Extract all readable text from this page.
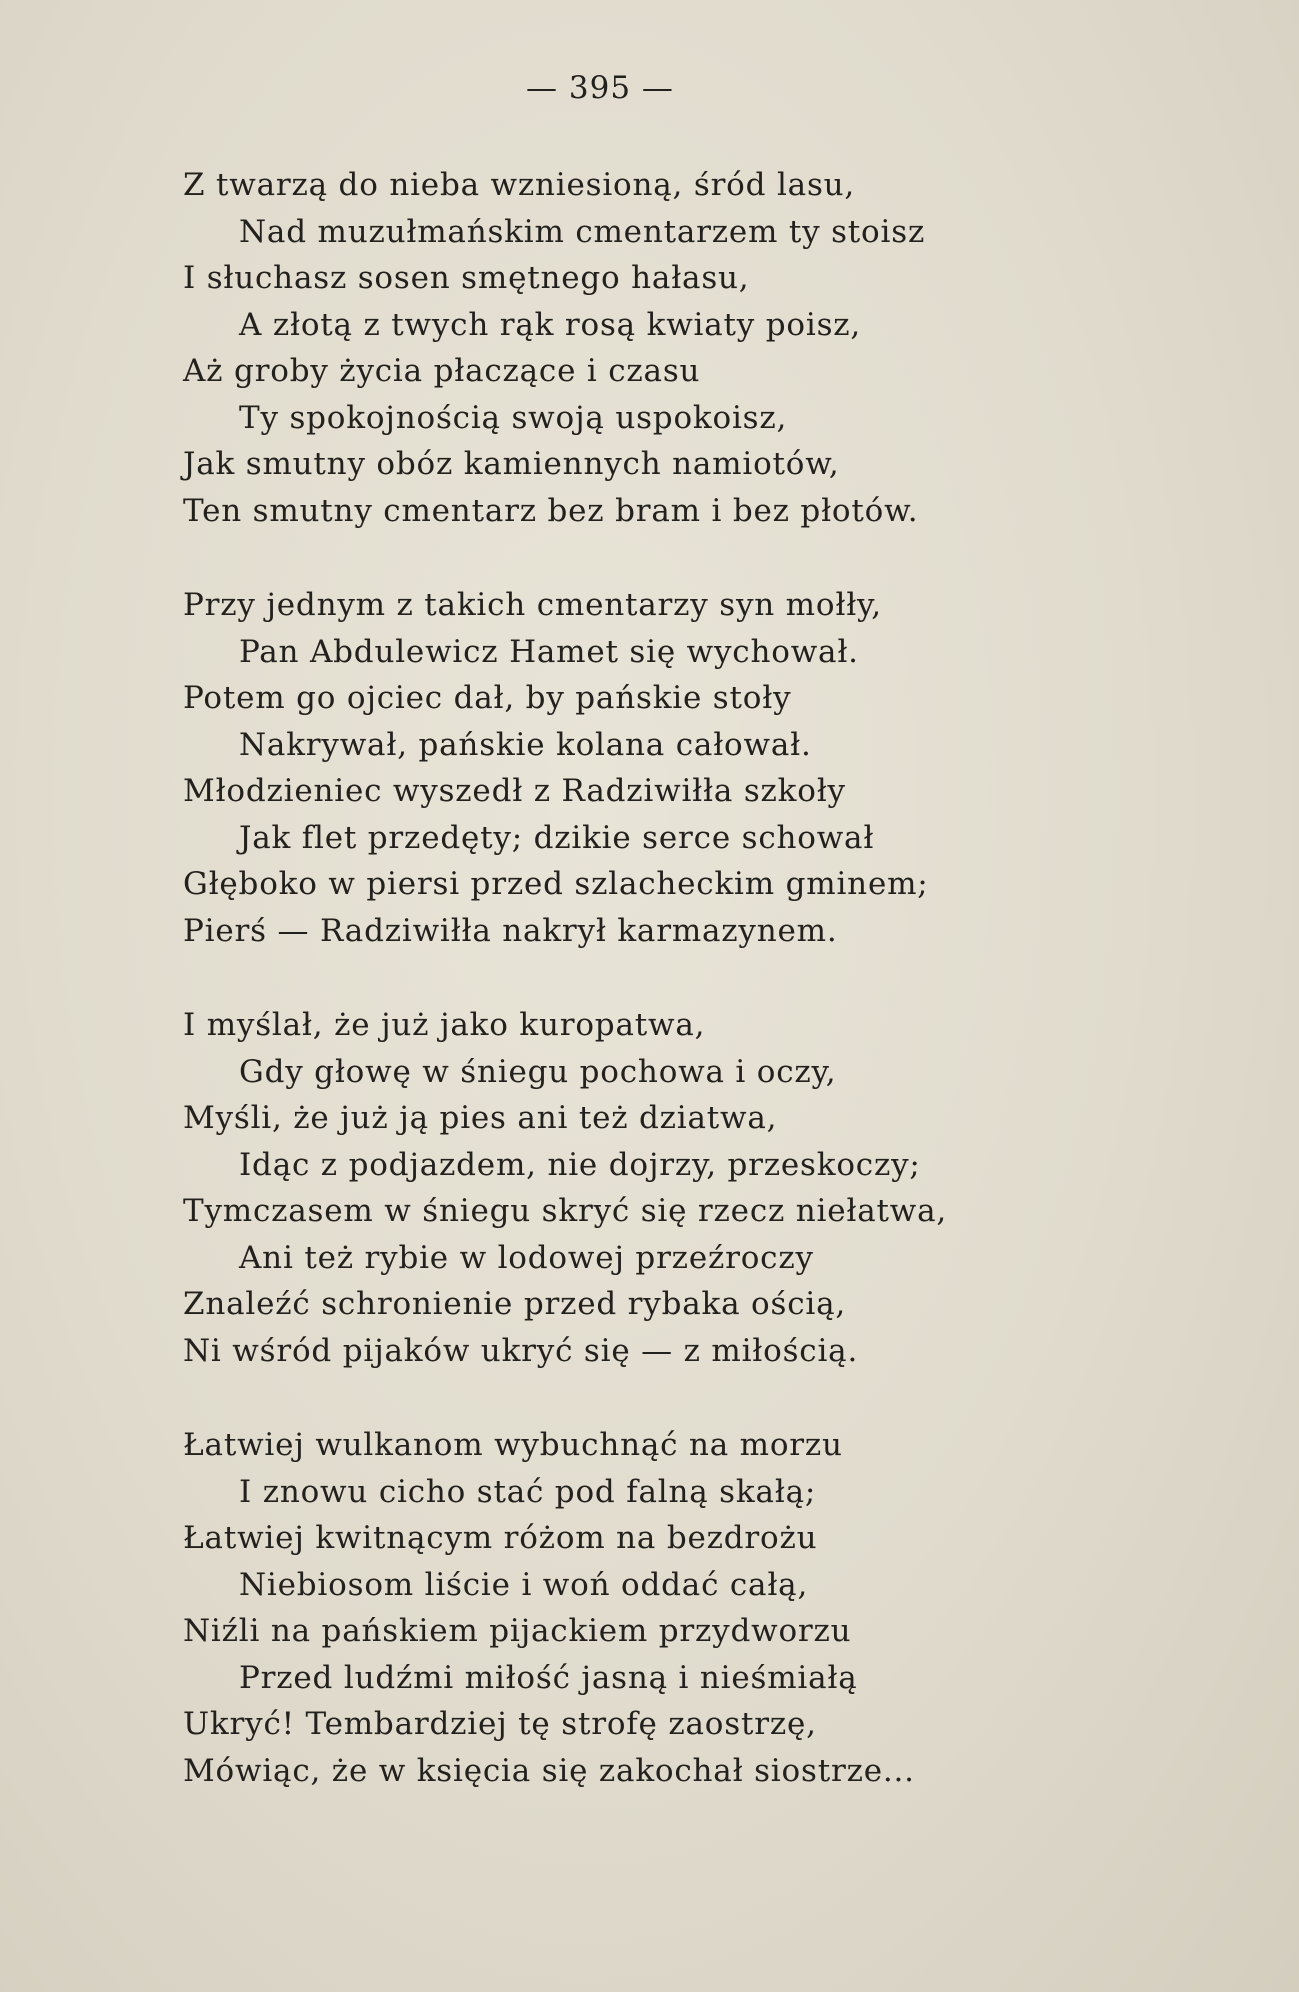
— 395 —
Z twarzą do nieba wzniesioną, śród lasu,
Nad muzułmańskim cmentarzem ty stoisz
I słuchasz sosen smętnego hałasu,
A złotą z twych rąk rosą kwiaty poisz,
Aż groby życia płaczące i czasu
Ty spokojnością swoją uspokoisz,
Jak smutny obóz kamiennych namiotów,
Ten smutny cmentarz bez bram i bez płotów.
Przy jednym z takich cmentarzy syn mołły,
Pan Abdulewicz Hamet się wychował.
Potem go ojciec dał, by pańskie stoły
Nakrywał, pańskie kolana całował.
Młodzieniec wyszedł z Radziwiłła szkoły
Jak flet przedęty; dzikie serce schował
Głęboko w piersi przed szlacheckim gminem;
Pierś — Radziwiłła nakrył karmazynem.
I myślał, że już jako kuropatwa,
Gdy głowę w śniegu pochowa i oczy,
Myśli, że już ją pies ani też dziatwa,
Idąc z podjazdem, nie dojrzy, przeskoczy;
Tymczasem w śniegu skryć się rzecz niełatwa,
Ani też rybie w lodowej przeźroczy
Znaleźć schronienie przed rybaka ością,
Ni wśród pijaków ukryć się — z miłością.
Łatwiej wulkanom wybuchnąć na morzu
I znowu cicho stać pod falną skałą;
Łatwiej kwitnącym różom na bezdrożu
Niebiosom liście i woń oddać całą,
Niźli na pańskiem pijackiem przydworzu
Przed ludźmi miłość jasną i nieśmiałą
Ukryć! Tembardziej tę strofę zaostrzę,
Mówiąc, że w księcia się zakochał siostrze...
